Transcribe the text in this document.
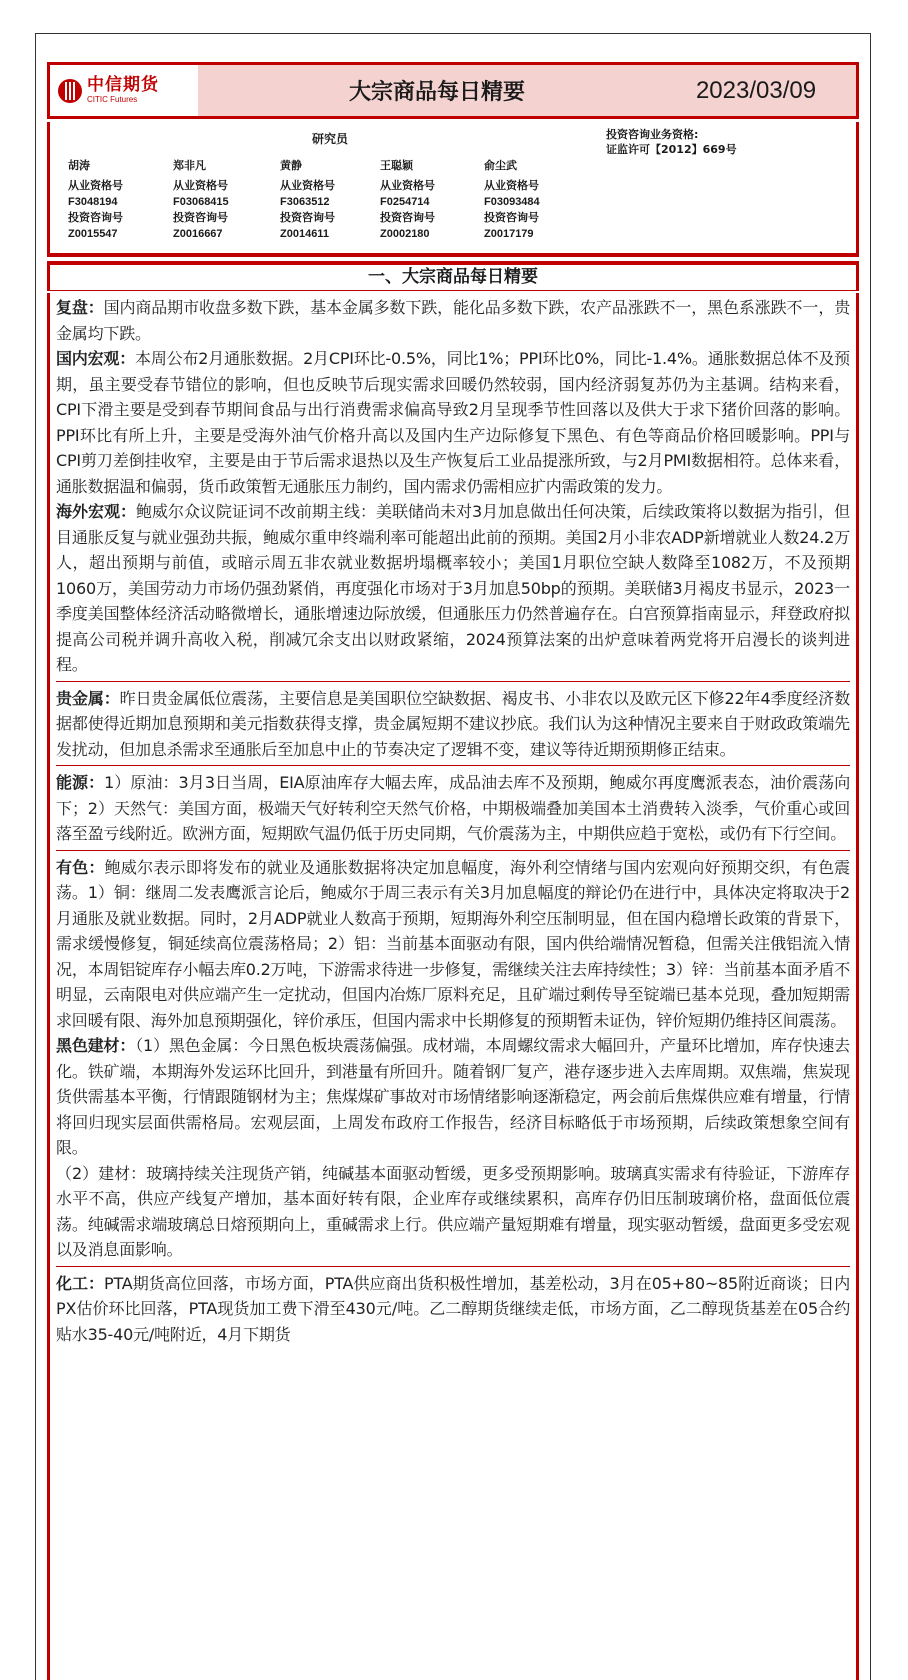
中信期货
CITIC Futures	大宗商品每日精要	2023/03/09
研究员	投资咨询业务资格:
证监许可【2012】669号
胡涛
从业资格号
F3048194
投资咨询号
Z0015547
郑非凡
从业资格号
F03068415
投资咨询号
Z0016667
黄静
从业资格号
F3063512
投资咨询号
Z0014611
王聪颖
从业资格号
F0254714
投资咨询号
Z0002180
俞尘武
从业资格号
F03093484
投资咨询号
Z0017179
一、大宗商品每日精要

复盘：国内商品期市收盘多数下跌，基本金属多数下跌，能化品多数下跌，农产品涨跌不一，黑色系涨跌不一，贵金属均下跌。

国内宏观：本周公布2月通胀数据。2月CPI环比-0.5%，同比1%；PPI环比0%，同比-1.4%。通胀数据总体不及预期，虽主要受春节错位的影响，但也反映节后现实需求回暖仍然较弱，国内经济弱复苏仍为主基调。结构来看，CPI下滑主要是受到春节期间食品与出行消费需求偏高导致2月呈现季节性回落以及供大于求下猪价回落的影响。PPI环比有所上升，主要是受海外油气价格升高以及国内生产边际修复下黑色、有色等商品价格回暖影响。PPI与CPI剪刀差倒挂收窄，主要是由于节后需求退热以及生产恢复后工业品提涨所致，与2月PMI数据相符。总体来看，通胀数据温和偏弱，货币政策暂无通胀压力制约，国内需求仍需相应扩内需政策的发力。

海外宏观：鲍威尔众议院证词不改前期主线：美联储尚未对3月加息做出任何决策，后续政策将以数据为指引，但目通胀反复与就业强劲共振，鲍威尔重申终端利率可能超出此前的预期。美国2月小非农ADP新增就业人数24.2万人，超出预期与前值，或暗示周五非农就业数据坍塌概率较小；美国1月职位空缺人数降至1082万，不及预期1060万，美国劳动力市场仍强劲紧俏，再度强化市场对于3月加息50bp的预期。美联储3月褐皮书显示，2023一季度美国整体经济活动略微增长，通胀增速边际放缓，但通胀压力仍然普遍存在。白宫预算指南显示，拜登政府拟提高公司税并调升高收入税，削减冗余支出以财政紧缩，2024预算法案的出炉意味着两党将开启漫长的谈判进程。

贵金属：昨日贵金属低位震荡，主要信息是美国职位空缺数据、褐皮书、小非农以及欧元区下修22年4季度经济数据都使得近期加息预期和美元指数获得支撑，贵金属短期不建议抄底。我们认为这种情况主要来自于财政政策端先发扰动，但加息杀需求至通胀后至加息中止的节奏决定了逻辑不变，建议等待近期预期修正结束。

能源：1）原油：3月3日当周，EIA原油库存大幅去库，成品油去库不及预期，鲍威尔再度鹰派表态，油价震荡向下；2）天然气：美国方面，极端天气好转利空天然气价格，中期极端叠加美国本土消费转入淡季，气价重心或回落至盈亏线附近。欧洲方面，短期欧气温仍低于历史同期，气价震荡为主，中期供应趋于宽松，或仍有下行空间。

有色：鲍威尔表示即将发布的就业及通胀数据将决定加息幅度，海外利空情绪与国内宏观向好预期交织，有色震荡。1）铜：继周二发表鹰派言论后，鲍威尔于周三表示有关3月加息幅度的辩论仍在进行中，具体决定将取决于2月通胀及就业数据。同时，2月ADP就业人数高于预期，短期海外利空压制明显，但在国内稳增长政策的背景下，需求缓慢修复，铜延续高位震荡格局；2）铝：当前基本面驱动有限，国内供给端情况暂稳，但需关注俄铝流入情况，本周铝锭库存小幅去库0.2万吨，下游需求待进一步修复，需继续关注去库持续性；3）锌：当前基本面矛盾不明显，云南限电对供应端产生一定扰动，但国内冶炼厂原料充足，且矿端过剩传导至锭端已基本兑现，叠加短期需求回暖有限、海外加息预期强化，锌价承压，但国内需求中长期修复的预期暂未证伪，锌价短期仍维持区间震荡。

黑色建材：（1）黑色金属：今日黑色板块震荡偏强。成材端，本周螺纹需求大幅回升，产量环比增加，库存快速去化。铁矿端，本期海外发运环比回升，到港量有所回升。随着钢厂复产，港存逐步进入去库周期。双焦端，焦炭现货供需基本平衡，行情跟随钢材为主；焦煤煤矿事故对市场情绪影响逐渐稳定，两会前后焦煤供应难有增量，行情将回归现实层面供需格局。宏观层面，上周发布政府工作报告，经济目标略低于市场预期，后续政策想象空间有限。

（2）建材：玻璃持续关注现货产销，纯碱基本面驱动暂缓，更多受预期影响。玻璃真实需求有待验证，下游库存水平不高，供应产线复产增加，基本面好转有限，企业库存或继续累积，高库存仍旧压制玻璃价格，盘面低位震荡。纯碱需求端玻璃总日熔预期向上，重碱需求上行。供应端产量短期难有增量，现实驱动暂缓，盘面更多受宏观以及消息面影响。

化工：PTA期货高位回落，市场方面，PTA供应商出货积极性增加，基差松动，3月在05+80~85附近商谈；日内PX估价环比回落，PTA现货加工费下滑至430元/吨。乙二醇期货继续走低，市场方面，乙二醇现货基差在05合约贴水35-40元/吨附近，4月下期货
